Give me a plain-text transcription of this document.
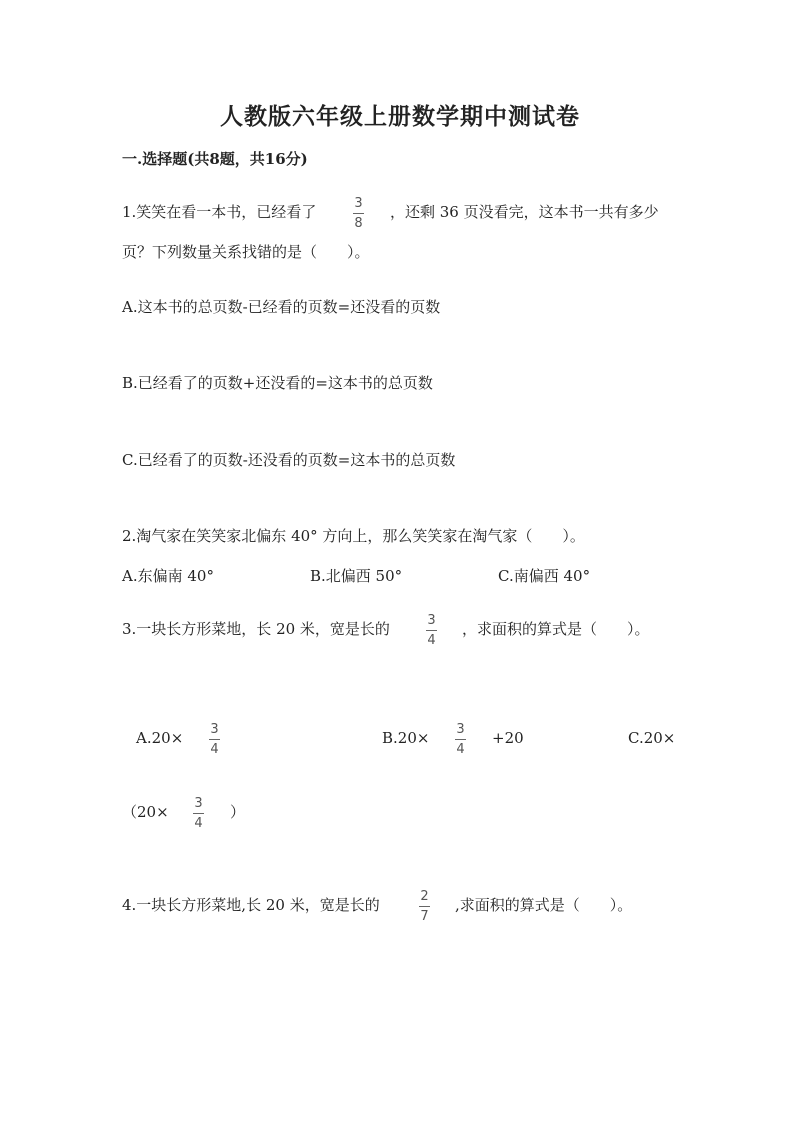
人教版六年级上册数学期中测试卷
一.选择题(共8题，共16分)
1.笑笑在看一本书，已经看了	3
8
，还剩 36 页没看完，这本书一共有多少
页？下列数量关系找错的是（　　）。
A.这本书的总页数-已经看的页数=还没看的页数
B.已经看了的页数+还没看的=这本书的总页数
C.已经看了的页数-还没看的页数=这本书的总页数
2.淘气家在笑笑家北偏东 40° 方向上，那么笑笑家在淘气家（　　）。
A.东偏南 40°	B.北偏西 50°	C.南偏西 40°
3.一块长方形菜地，长 20 米，宽是长的	3
4
，求面积的算式是（　　）。
A.20× 3
4
B.20× 3
4
+20	C.20×
（20× 3
4
）
4.一块长方形菜地,长 20 米，宽是长的	2
7
,求面积的算式是（　　）。
